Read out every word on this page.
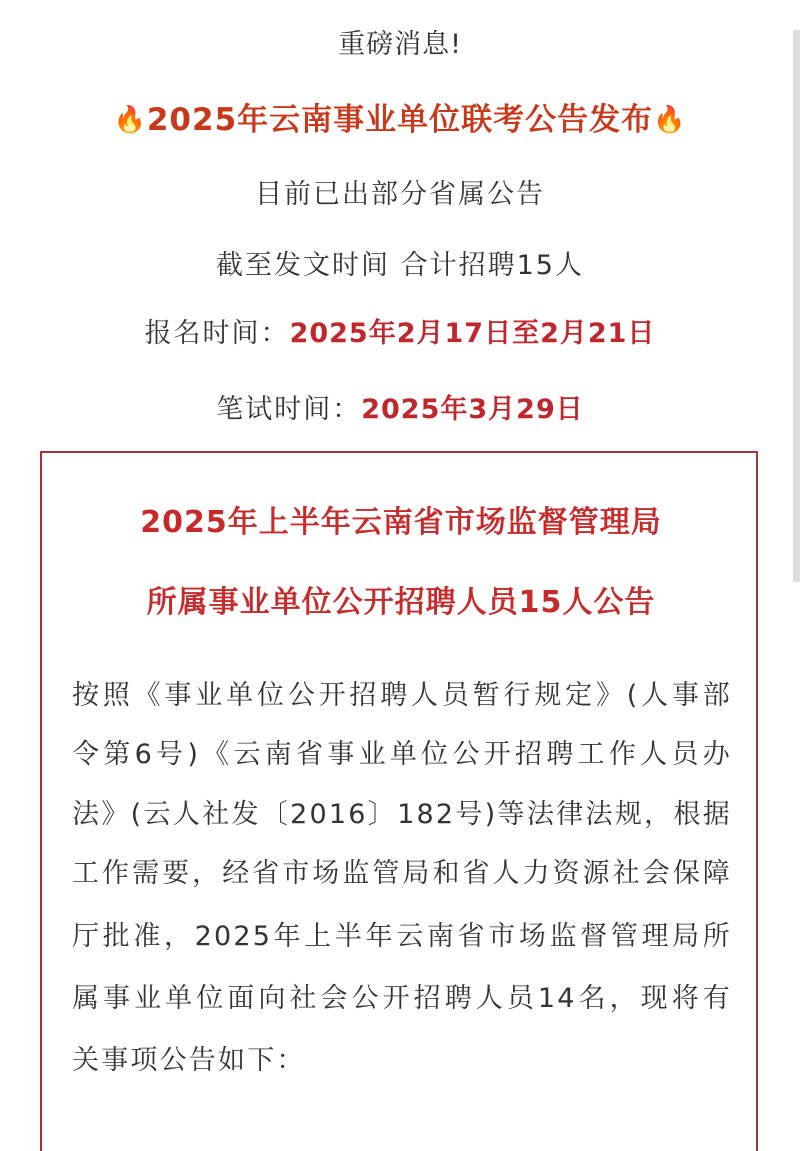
重磅消息!
🔥2025年云南事业单位联考公告发布🔥
目前已出部分省属公告
截至发文时间 合计招聘15人
报名时间：2025年2月17日至2月21日
笔试时间：2025年3月29日
2025年上半年云南省市场监督管理局
所属事业单位公开招聘人员15人公告
按照《事业单位公开招聘人员暂行规定》(人事部
令第6号)《云南省事业单位公开招聘工作人员办
法》(云人社发〔2016〕182号)等法律法规，根据
工作需要，经省市场监管局和省人力资源社会保障
厅批准，2025年上半年云南省市场监督管理局所
属事业单位面向社会公开招聘人员14名，现将有
关事项公告如下：
